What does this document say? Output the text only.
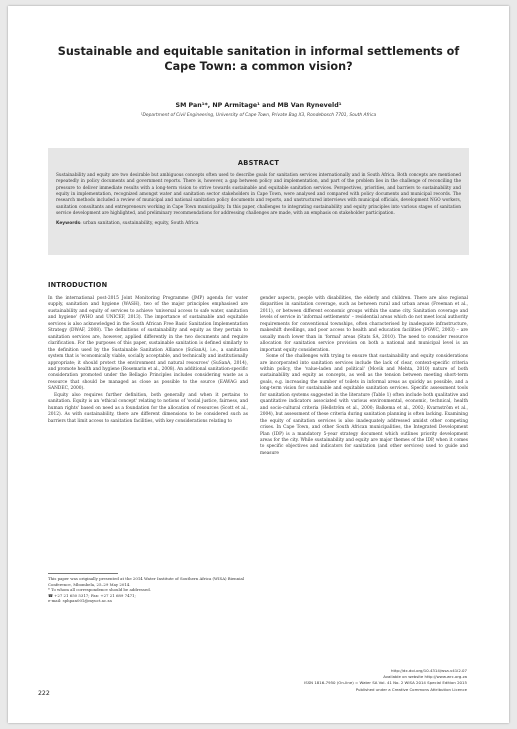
Sustainable and equitable sanitation in informal settlements of Cape Town: a common vision?
SM Pan¹*, NP Armitage¹ and MB Van Ryneveld¹
¹Department of Civil Engineering, University of Cape Town, Private Bag X3, Rondebosch 7701, South Africa
ABSTRACT
Sustainability and equity are two desirable but ambiguous concepts often used to describe goals for sanitation services internationally and in South Africa. Both concepts are mentioned repeatedly in policy documents and government reports. There is, however, a gap between policy and implementation, and part of the problem lies in the challenge of reconciling the pressure to deliver immediate results with a long-term vision to strive towards sustainable and equitable sanitation services. Perspectives, priorities, and barriers to sustainability and equity in implementation, recognized amongst water and sanitation sector stakeholders in Cape Town, were analysed and compared with policy documents and municipal records. The research methods included a review of municipal and national sanitation policy documents and reports, and unstructured interviews with municipal officials, development NGO workers, sanitation consultants and entrepreneurs working in Cape Town municipality. In this paper, challenges to integrating sustainability and equity principles into various stages of sanitation service development are highlighted, and preliminary recommendations for addressing challenges are made, with an emphasis on stakeholder participation.
Keywords: urban sanitation, sustainability, equity, South Africa
INTRODUCTION

In the international post-2015 Joint Monitoring Programme (JMP) agenda for water supply, sanitation and hygiene (WASH), two of the major principles emphasised are sustainability and equity of services to achieve 'universal access to safe water, sanitation and hygiene' (WHO and UNICEF, 2013). The importance of sustainable and equitable services is also acknowledged in the South African Free Basic Sanitation Implementation Strategy (DWAF, 2008). The definitions of sustainability and equity as they pertain to sanitation services are, however, applied differently in the two documents and require clarification. For the purposes of this paper, sustainable sanitation is defined similarly to the definition used by the Sustainable Sanitation Alliance (SuSanA), i.e., a sanitation system that is 'economically viable, socially acceptable, and technically and institutionally appropriate; it should protect the environment and natural resources' (SuSanA, 2014), and promote health and hygiene (Rosemarin et al., 2008). An additional sanitation-specific consideration promoted under the Bellagio Principles includes considering waste as a resource that should be managed as close as possible to the source (EAWAG and SANDEC, 2000).

Equity also requires further definition, both generally and when it pertains to sanitation. Equity is an 'ethical concept' relating to notions of 'social justice, fairness, and human rights' based on need as a foundation for the allocation of resources (Scott et al., 2012). As with sustainability, there are different dimensions to be considered such as barriers that limit access to sanitation facilities, with key considerations relating to

gender aspects, people with disabilities, the elderly and children. There are also regional disparities in sanitation coverage, such as between rural and urban areas (Freeman et al., 2011), or between different economic groups within the same city. Sanitation coverage and levels of service in 'informal settlements' – residential areas which do not meet local authority requirements for conventional townships, often characterised by inadequate infrastructure, makeshift dwellings, and poor access to health and education facilities (PGWC, 2003) – are usually much lower than in 'formal' areas (Stats SA, 2010). The need to consider resource allocation for sanitation service provision on both a national and municipal level is an important equity consideration.

Some of the challenges with trying to ensure that sustainability and equity considerations are incorporated into sanitation services include the lack of clear, context-specific criteria within policy, the 'value-laden and political' (Movik and Mehta, 2010) nature of both sustainability and equity as concepts, as well as the tension between meeting short-term goals, e.g. increasing the number of toilets in informal areas as quickly as possible, and a long-term vision for sustainable and equitable sanitation services. Specific assessment tools for sanitation systems suggested in the literature (Table 1) often include both qualitative and quantitative indicators associated with various environmental, economic, technical, health and socio-cultural criteria (Hellström et al., 2000; Balkema et al., 2002; Kvarnström et al., 2004), but assessment of these criteria during sanitation planning is often lacking. Examining the equity of sanitation services is also inadequately addressed amidst other competing crises. In Cape Town, and other South African municipalities, the Integrated Development Plan (IDP) is a mandatory 5-year strategy document which outlines priority development areas for the city. While sustainability and equity are major themes of the IDP, when it comes to specific objectives and indicators for sanitation (and other services) used to guide and measure

This paper was originally presented at the 2014 Water Institute of Southern Africa (WISA) Biennial Conference, Mbombela, 25–29 May 2014.
* To whom all correspondence should be addressed.
☎ +27 21 650 5317; Fax: +27 21 689 7471;
e-mail: sphpan001@myuct.ac.za
http://dx.doi.org/10.4314/wsa.v41i2.07
Available on website http://www.wrc.org.za
ISSN 1816-7950 (On-line) = Water SA Vol. 41 No. 2 WISA 2014 Special Edition 2015
Published under a Creative Commons Attribution Licence
222
